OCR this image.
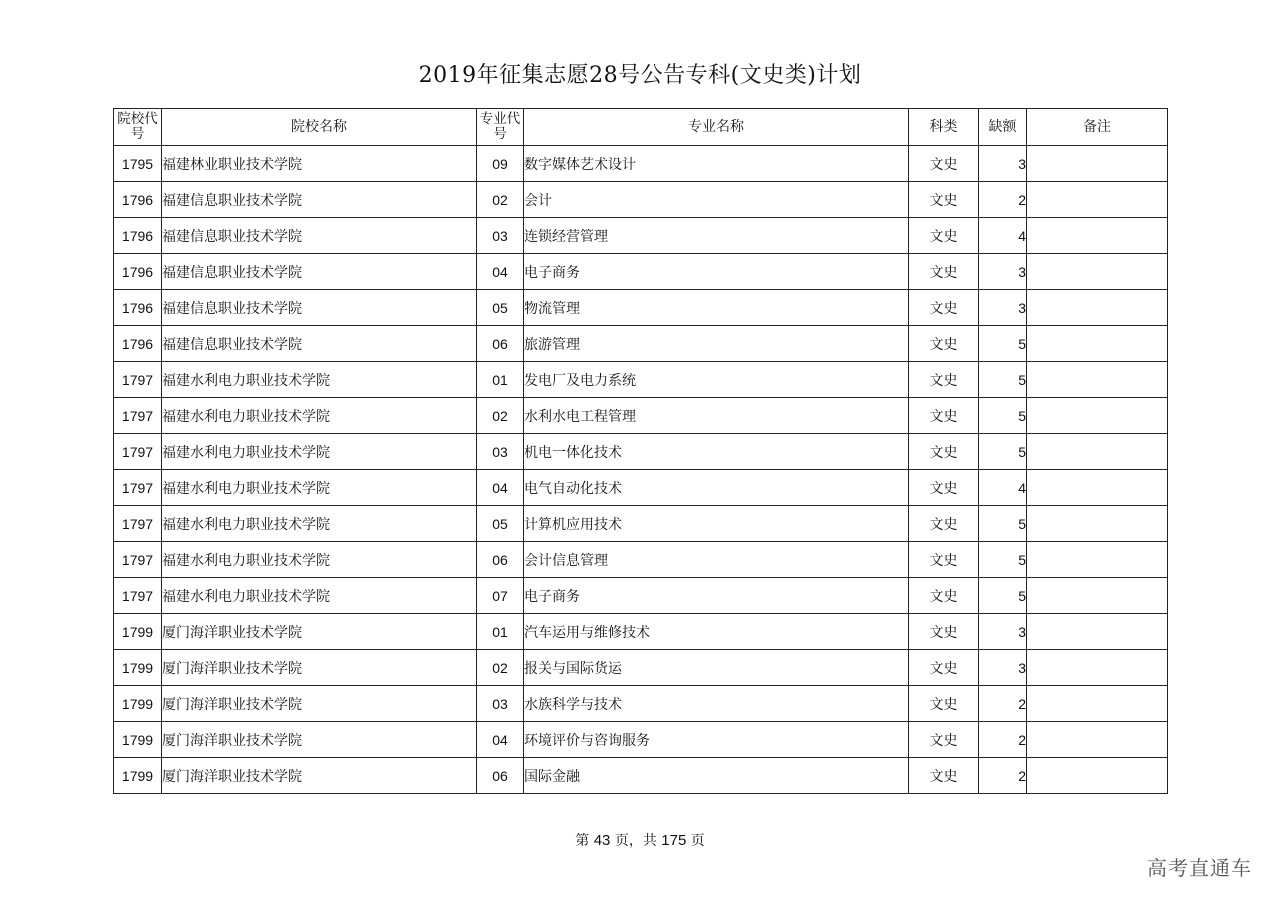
2019年征集志愿28号公告专科(文史类)计划
院校代号	院校名称	专业代号	专业名称	科类	缺额	备注
1795	福建林业职业技术学院	09	数字媒体艺术设计	文史	3	
1796	福建信息职业技术学院	02	会计	文史	2	
1796	福建信息职业技术学院	03	连锁经营管理	文史	4	
1796	福建信息职业技术学院	04	电子商务	文史	3	
1796	福建信息职业技术学院	05	物流管理	文史	3	
1796	福建信息职业技术学院	06	旅游管理	文史	5	
1797	福建水利电力职业技术学院	01	发电厂及电力系统	文史	5	
1797	福建水利电力职业技术学院	02	水利水电工程管理	文史	5	
1797	福建水利电力职业技术学院	03	机电一体化技术	文史	5	
1797	福建水利电力职业技术学院	04	电气自动化技术	文史	4	
1797	福建水利电力职业技术学院	05	计算机应用技术	文史	5	
1797	福建水利电力职业技术学院	06	会计信息管理	文史	5	
1797	福建水利电力职业技术学院	07	电子商务	文史	5	
1799	厦门海洋职业技术学院	01	汽车运用与维修技术	文史	3	
1799	厦门海洋职业技术学院	02	报关与国际货运	文史	3	
1799	厦门海洋职业技术学院	03	水族科学与技术	文史	2	
1799	厦门海洋职业技术学院	04	环境评价与咨询服务	文史	2	
1799	厦门海洋职业技术学院	06	国际金融	文史	2	
第 43 页，共 175 页
高考直通车
